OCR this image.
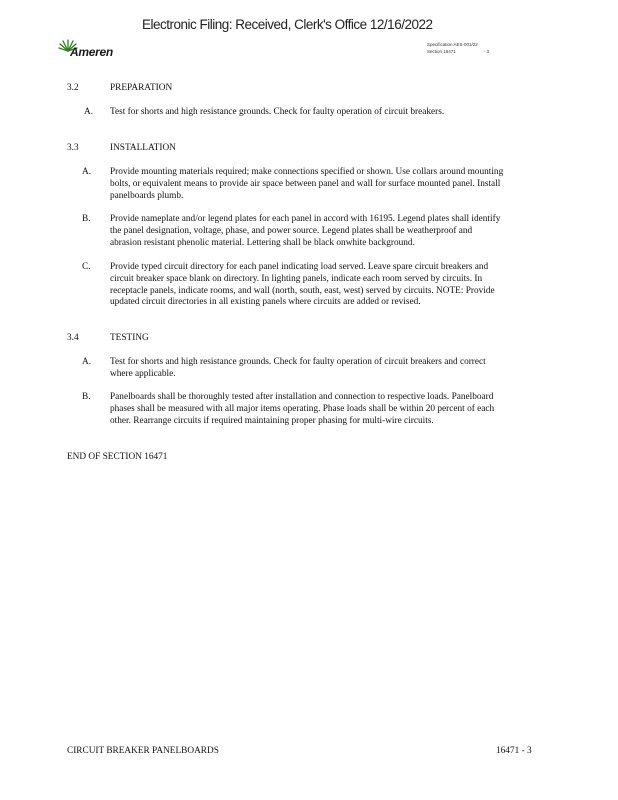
Electronic Filing: Received, Clerk's Office 12/16/2022
Ameren
Specification AES-001/22
Section 16471	- 3
3.2	PREPARATION
A. Test for shorts and high resistance grounds. Check for faulty operation of circuit breakers.
3.3	INSTALLATION
A. Provide mounting materials required; make connections specified or shown. Use collars around mounting
bolts, or equivalent means to provide air space between panel and wall for surface mounted panel. Install
panelboards plumb.
B. Provide nameplate and/or legend plates for each panel in accord with 16195. Legend plates shall identify
the panel designation, voltage, phase, and power source. Legend plates shall be weatherproof and
abrasion resistant phenolic material. Lettering shall be black onwhite background.
C. Provide typed circuit directory for each panel indicating load served. Leave spare circuit breakers and
circuit breaker space blank on directory. In lighting panels, indicate each room served by circuits. In
receptacle panels, indicate rooms, and wall (north, south, east, west) served by circuits. NOTE: Provide
updated circuit directories in all existing panels where circuits are added or revised.
3.4	TESTING
A. Test for shorts and high resistance grounds. Check for faulty operation of circuit breakers and correct
where applicable.
B. Panelboards shall be thoroughly tested after installation and connection to respective loads. Panelboard
phases shall be measured with all major items operating. Phase loads shall be within 20 percent of each
other. Rearrange circuits if required maintaining proper phasing for multi-wire circuits.
END OF SECTION 16471
CIRCUIT BREAKER PANELBOARDS	16471 - 3
